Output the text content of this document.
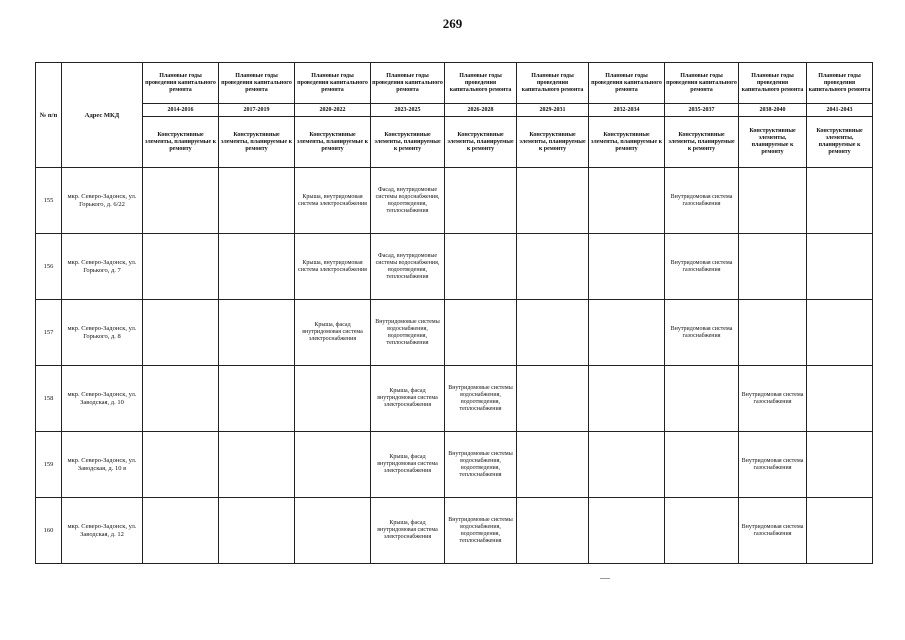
269
№ п/п	Адрес МКД	Плановые годы проведения капитального ремонта	Плановые годы проведения капитального ремонта	Плановые годы проведения капитального ремонта	Плановые годы проведения капитального ремонта	Плановые годы проведения капитального ремонта	Плановые годы проведения капитального ремонта	Плановые годы проведения капитального ремонта	Плановые годы проведения капитального ремонта	Плановые годы проведения капитального ремонта	Плановые годы проведения капитального ремонта
		2014-2016	2017-2019	2020-2022	2023-2025	2026-2028	2029-2031	2032-2034	2035-2037	2038-2040	2041-2043
		Конструктивные элементы, планируемые к ремонту	Конструктивные элементы, планируемые к ремонту	Конструктивные элементы, планируемые к ремонту	Конструктивные элементы, планируемые к ремонту	Конструктивные элементы, планируемые к ремонту	Конструктивные элементы, планируемые к ремонту	Конструктивные элементы, планируемые к ремонту	Конструктивные элементы, планируемые к ремонту	Конструктивные элементы, планируемые к ремонту	Конструктивные элементы, планируемые к ремонту
155	мкр. Северо-Задонск, ул. Горького, д. 6/22			Крыша, внутридомовая система электроснабжения	Фасад, внутридомовые системы водоснабжения, водоотведения, теплоснабжения				Внутридомовая система газоснабжения		
156	мкр. Северо-Задонск, ул. Горького, д. 7			Крыша, внутридомовая система электроснабжения	Фасад, внутридомовые системы водоснабжения, водоотведения, теплоснабжения				Внутридомовая система газоснабжения		
157	мкр. Северо-Задонск, ул. Горького, д. 8			Крыша, фасад внутридомовая система электроснабжения	Внутридомовые системы водоснабжения, водоотведения, теплоснабжения				Внутридомовая система газоснабжения		
158	мкр. Северо-Задонск, ул. Заводская, д. 10				Крыша, фасад внутридомовая система электроснабжения	Внутридомовые системы водоснабжения, водоотведения, теплоснабжения				Внутридомовая система газоснабжения	
159	мкр. Северо-Задонск, ул. Заводская, д. 10 в				Крыша, фасад внутридомовая система электроснабжения	Внутридомовые системы водоснабжения, водоотведения, теплоснабжения				Внутридомовая система газоснабжения	
160	мкр. Северо-Задонск, ул. Заводская, д. 12				Крыша, фасад внутридомовая система электроснабжения	Внутридомовые системы водоснабжения, водоотведения, теплоснабжения				Внутридомовая система газоснабжения	
